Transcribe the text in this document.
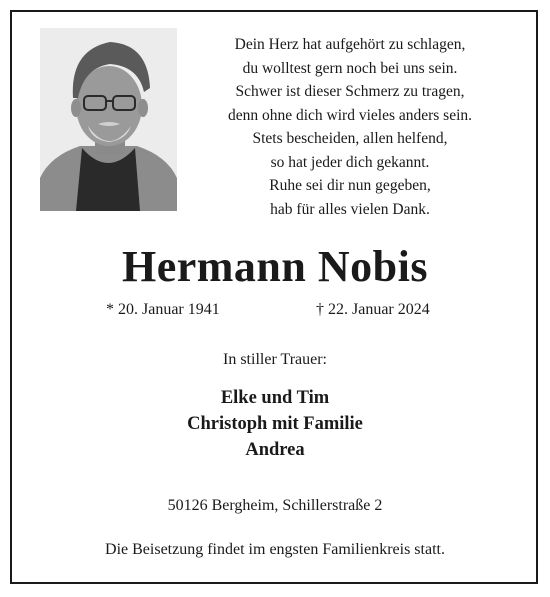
Dein Herz hat aufgehört zu schlagen,
du wolltest gern noch bei uns sein.
Schwer ist dieser Schmerz zu tragen,
denn ohne dich wird vieles anders sein.
Stets bescheiden, allen helfend,
so hat jeder dich gekannt.
Ruhe sei dir nun gegeben,
hab für alles vielen Dank.
Hermann Nobis
* 20. Januar 1941	† 22. Januar 2024
In stiller Trauer:
Elke und Tim
Christoph mit Familie
Andrea
50126 Bergheim, Schillerstraße 2
Die Beisetzung findet im engsten Familienkreis statt.
